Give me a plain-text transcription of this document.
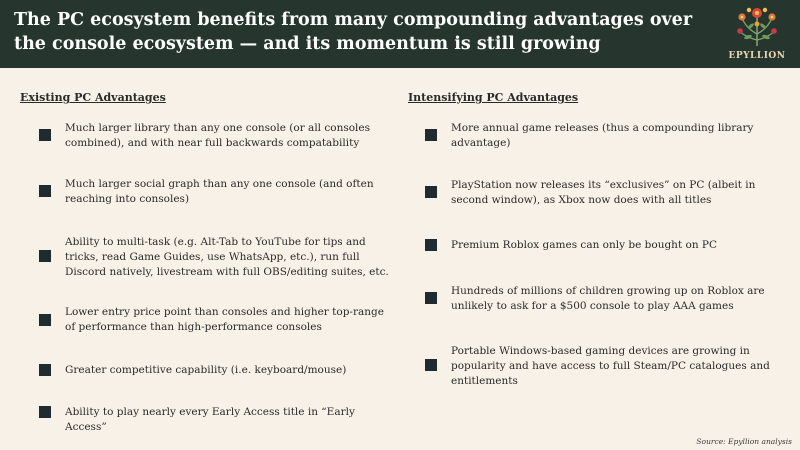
The PC ecosystem benefits from many compounding advantages over the console ecosystem — and its momentum is still growing
EPYLLION
Existing PC Advantages	Intensifying PC Advantages
Much larger library than any one console (or all consoles combined), and with near full backwards compatability
Much larger social graph than any one console (and often reaching into consoles)
Ability to multi-task (e.g. Alt-Tab to YouTube for tips and tricks, read Game Guides, use WhatsApp, etc.), run full Discord natively, livestream with full OBS/editing suites, etc.
Lower entry price point than consoles and higher top-range of performance than high-performance consoles
Greater competitive capability (i.e. keyboard/mouse)
Ability to play nearly every Early Access title in “Early Access”
More annual game releases (thus a compounding library advantage)
PlayStation now releases its “exclusives” on PC (albeit in second window), as Xbox now does with all titles
Premium Roblox games can only be bought on PC
Hundreds of millions of children growing up on Roblox are unlikely to ask for a $500 console to play AAA games
Portable Windows-based gaming devices are growing in popularity and have access to full Steam/PC catalogues and entitlements
Source: Epyllion analysis
